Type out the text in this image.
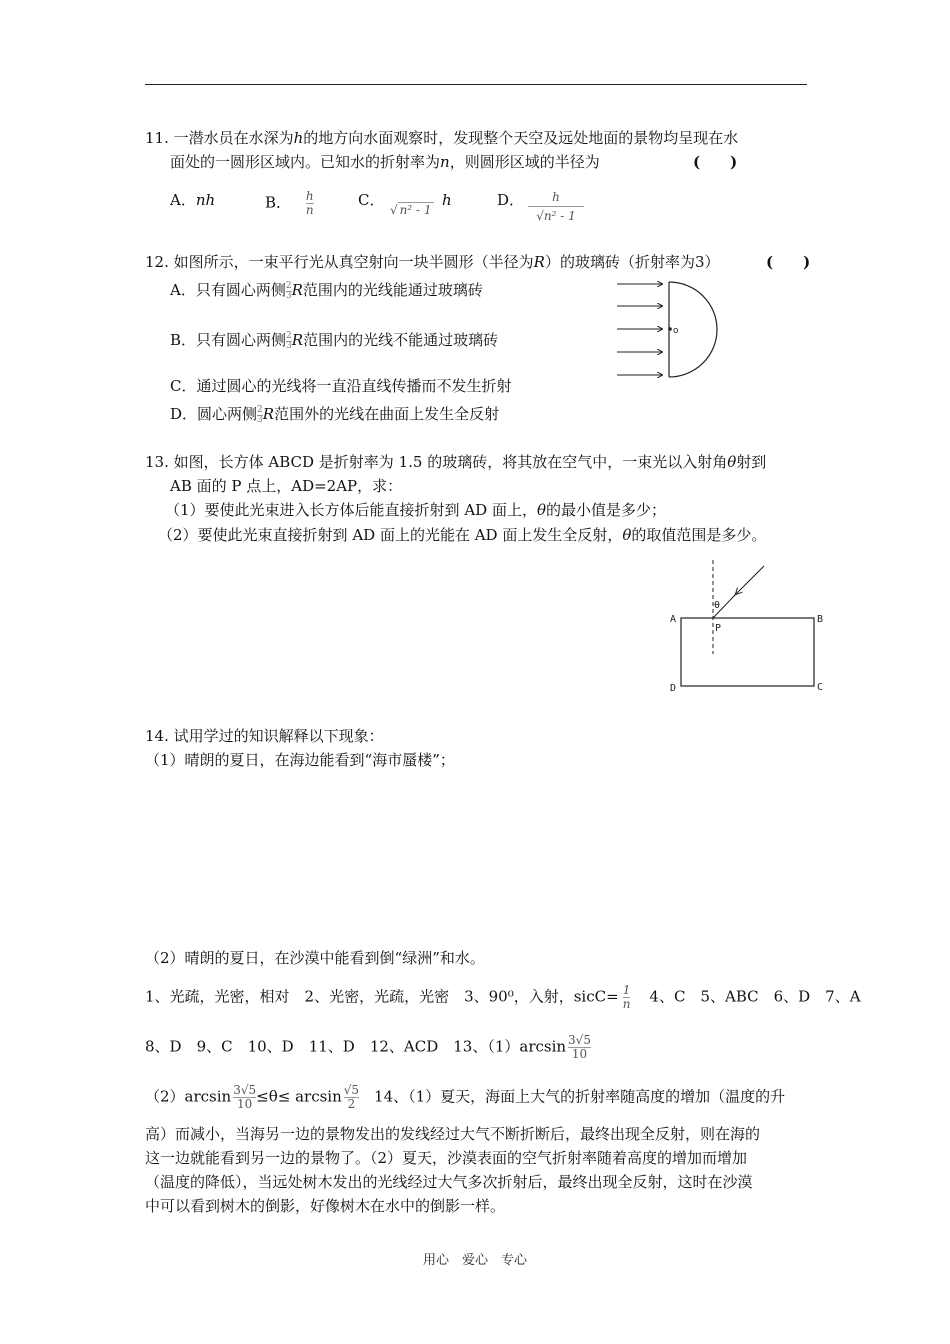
11. 一潜水员在水深为h的地方向水面观察时，发现整个天空及远处地面的景物均呈现在水
面处的一圆形区域内。已知水的折射率为n，则圆形区域的半径为	(　　)
A．nh	B． $\frac{h}{n}$	C．
√ n² - 1
h	D．	h
√n² - 1
12. 如图所示，一束平行光从真空射向一块半圆形（半径为R）的玻璃砖（折射率为3）	(　　)
A．只有圆心两侧 $\frac{2}{3}$ R范围内的光线能通过玻璃砖
B．只有圆心两侧 $\frac{2}{3}$ R范围内的光线不能通过玻璃砖
C．通过圆心的光线将一直沿直线传播而不发生折射
D．圆心两侧 $\frac{2}{3}$ R范围外的光线在曲面上发生全反射
o
13. 如图，长方体 ABCD 是折射率为 1.5 的玻璃砖，将其放在空气中，一束光以入射角θ射到
AB 面的 P 点上，AD=2AP，求：
（1）要使此光束进入长方体后能直接折射到 AD 面上，θ的最小值是多少；
（2）要使此光束直接折射到 AD 面上的光能在 AD 面上发生全反射，θ的取值范围是多少。
A	B
C
D
P
θ
14. 试用学过的知识解释以下现象：
（1）晴朗的夏日，在海边能看到“海市蜃楼”；
（2）晴朗的夏日，在沙漠中能看到倒“绿洲”和水。
1、光疏，光密，相对　2、光密，光疏，光密　3、90⁰，入射，sicC= $\frac{1}{n}$ 　4、C　5、ABC　6、D　7、A
8、D　9、C　10、D　11、D　12、ACD　13、$(1)\arcsin \frac{3√5}{10}$
$(2)\arcsin \frac{3√5}{10} \le\theta\le \arcsin \frac{√5}{2}$ 　14、（1）夏天，海面上大气的折射率随高度的增加（温度的升
高）而减小，当海另一边的景物发出的发线经过大气不断折断后，最终出现全反射，则在海的
这一边就能看到另一边的景物了。（2）夏天，沙漠表面的空气折射率随着高度的增加而增加
（温度的降低），当远处树木发出的光线经过大气多次折射后，最终出现全反射，这时在沙漠
中可以看到树木的倒影，好像树木在水中的倒影一样。
用心　爱心　专心
